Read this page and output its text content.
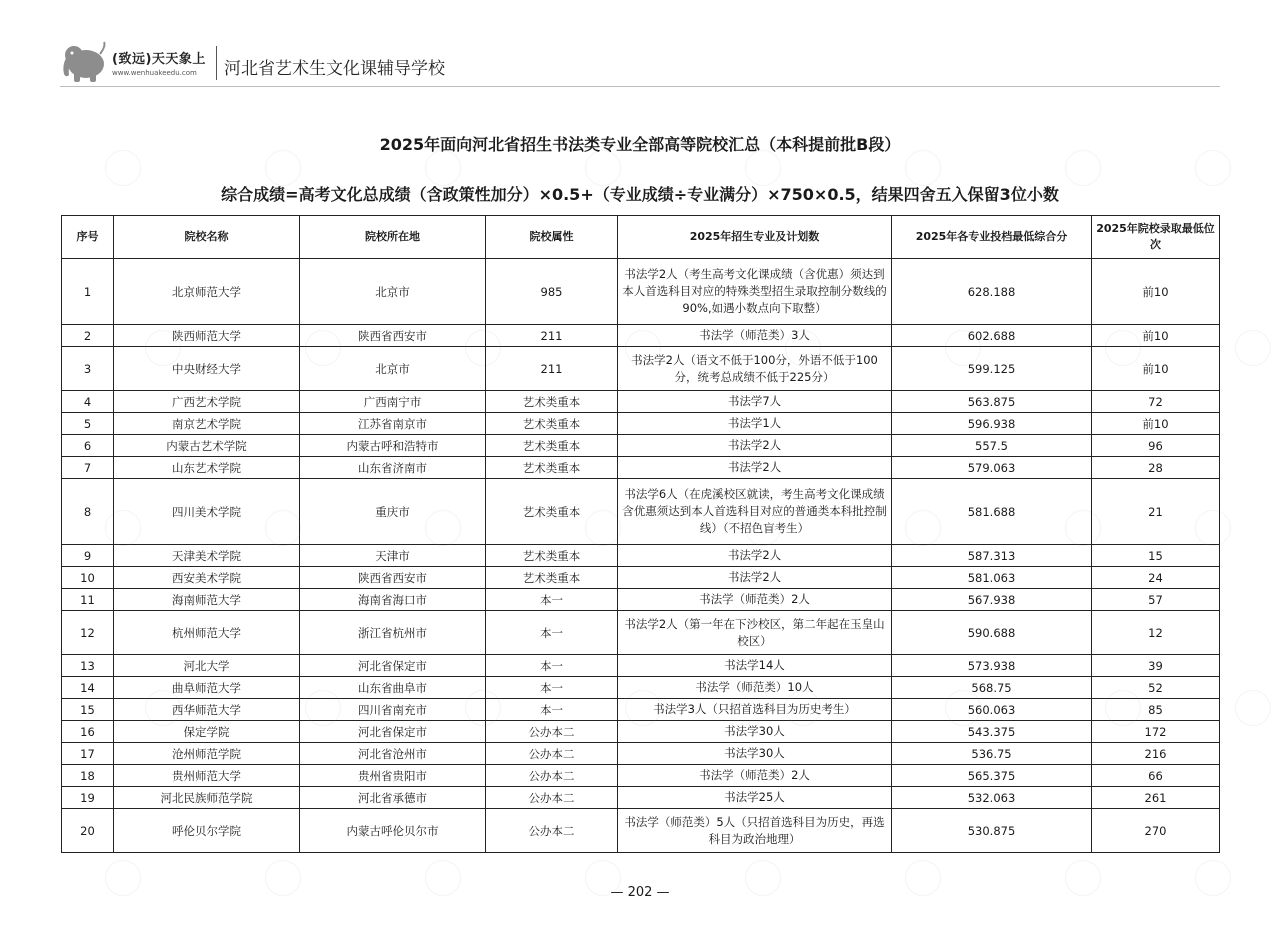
(致远)天天象上
www.wenhuakeedu.com 河北省艺术生文化课辅导学校
2025年面向河北省招生书法类专业全部高等院校汇总（本科提前批B段）
综合成绩=高考文化总成绩（含政策性加分）×0.5+（专业成绩÷专业满分）×750×0.5，结果四舍五入保留3位小数
序号	院校名称	院校所在地	院校属性	2025年招生专业及计划数	2025年各专业投档最低综合分	2025年院校录取最低位次
1	北京师范大学	北京市	985	书法学2人（考生高考文化课成绩（含优惠）须达到本人首选科目对应的特殊类型招生录取控制分数线的90%,如遇小数点向下取整）	628.188	前10
2	陕西师范大学	陕西省西安市	211	书法学（师范类）3人	602.688	前10
3	中央财经大学	北京市	211	书法学2人（语文不低于100分，外语不低于100分，统考总成绩不低于225分）	599.125	前10
4	广西艺术学院	广西南宁市	艺术类重本	书法学7人	563.875	72
5	南京艺术学院	江苏省南京市	艺术类重本	书法学1人	596.938	前10
6	内蒙古艺术学院	内蒙古呼和浩特市	艺术类重本	书法学2人	557.5	96
7	山东艺术学院	山东省济南市	艺术类重本	书法学2人	579.063	28
8	四川美术学院	重庆市	艺术类重本	书法学6人（在虎溪校区就读，考生高考文化课成绩含优惠须达到本人首选科目对应的普通类本科批控制线）（不招色盲考生）	581.688	21
9	天津美术学院	天津市	艺术类重本	书法学2人	587.313	15
10	西安美术学院	陕西省西安市	艺术类重本	书法学2人	581.063	24
11	海南师范大学	海南省海口市	本一	书法学（师范类）2人	567.938	57
12	杭州师范大学	浙江省杭州市	本一	书法学2人（第一年在下沙校区，第二年起在玉皇山校区）	590.688	12
13	河北大学	河北省保定市	本一	书法学14人	573.938	39
14	曲阜师范大学	山东省曲阜市	本一	书法学（师范类）10人	568.75	52
15	西华师范大学	四川省南充市	本一	书法学3人（只招首选科目为历史考生）	560.063	85
16	保定学院	河北省保定市	公办本二	书法学30人	543.375	172
17	沧州师范学院	河北省沧州市	公办本二	书法学30人	536.75	216
18	贵州师范大学	贵州省贵阳市	公办本二	书法学（师范类）2人	565.375	66
19	河北民族师范学院	河北省承德市	公办本二	书法学25人	532.063	261
20	呼伦贝尔学院	内蒙古呼伦贝尔市	公办本二	书法学（师范类）5人（只招首选科目为历史，再选科目为政治地理）	530.875	270
— 202 —
